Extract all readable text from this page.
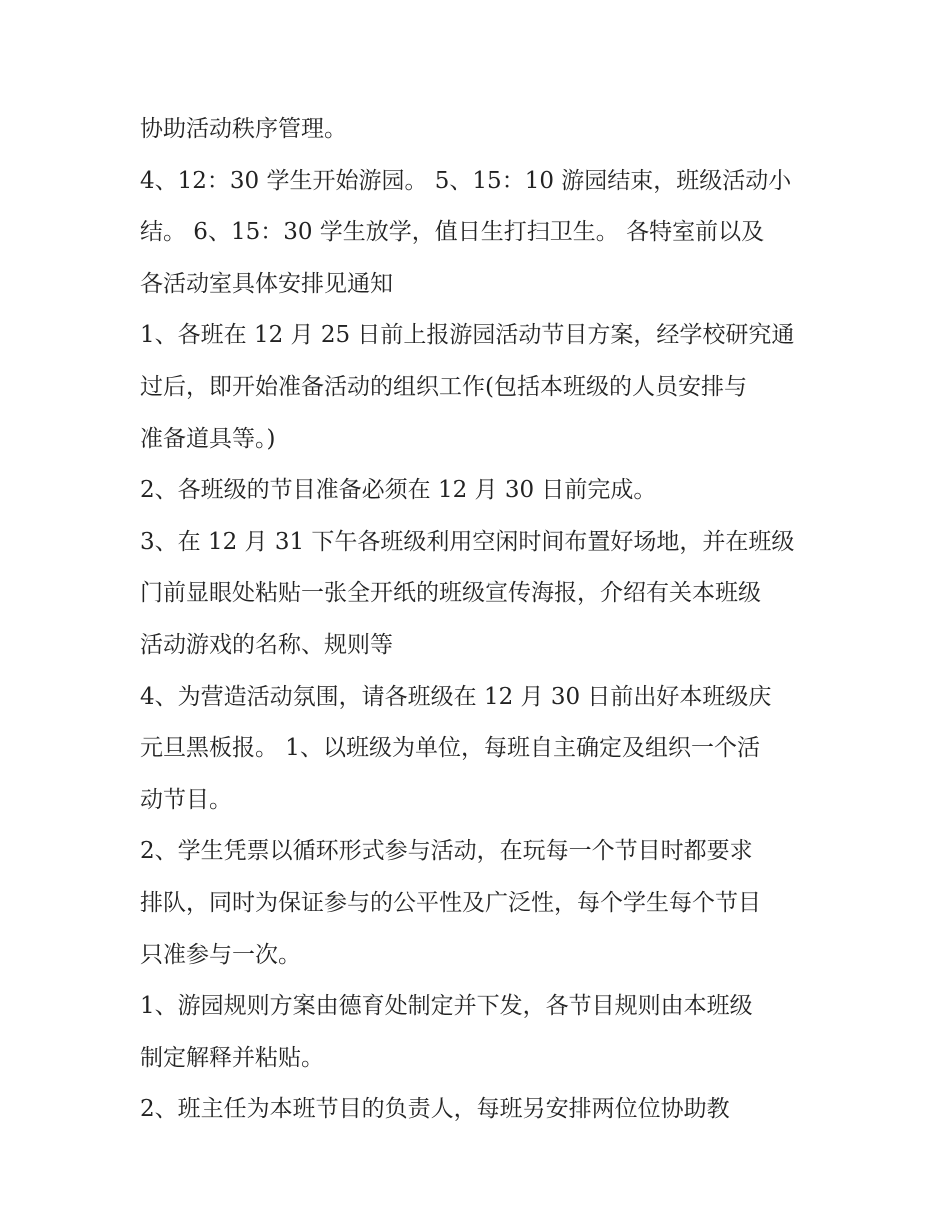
协助活动秩序管理。
4、12：30 学生开始游园。 5、15：10 游园结束，班级活动小
结。 6、15：30 学生放学，值日生打扫卫生。 各特室前以及
各活动室具体安排见通知
1、各班在 12 月 25 日前上报游园活动节目方案，经学校研究通
过后，即开始准备活动的组织工作(包括本班级的人员安排与
准备道具等。)
2、各班级的节目准备必须在 12 月 30 日前完成。
3、在 12 月 31 下午各班级利用空闲时间布置好场地，并在班级
门前显眼处粘贴一张全开纸的班级宣传海报，介绍有关本班级
活动游戏的名称、规则等
4、为营造活动氛围，请各班级在 12 月 30 日前出好本班级庆
元旦黑板报。 1、以班级为单位，每班自主确定及组织一个活
动节目。
2、学生凭票以循环形式参与活动，在玩每一个节目时都要求
排队，同时为保证参与的公平性及广泛性，每个学生每个节目
只准参与一次。
1、游园规则方案由德育处制定并下发，各节目规则由本班级
制定解释并粘贴。
2、班主任为本班节目的负责人，每班另安排两位位协助教
